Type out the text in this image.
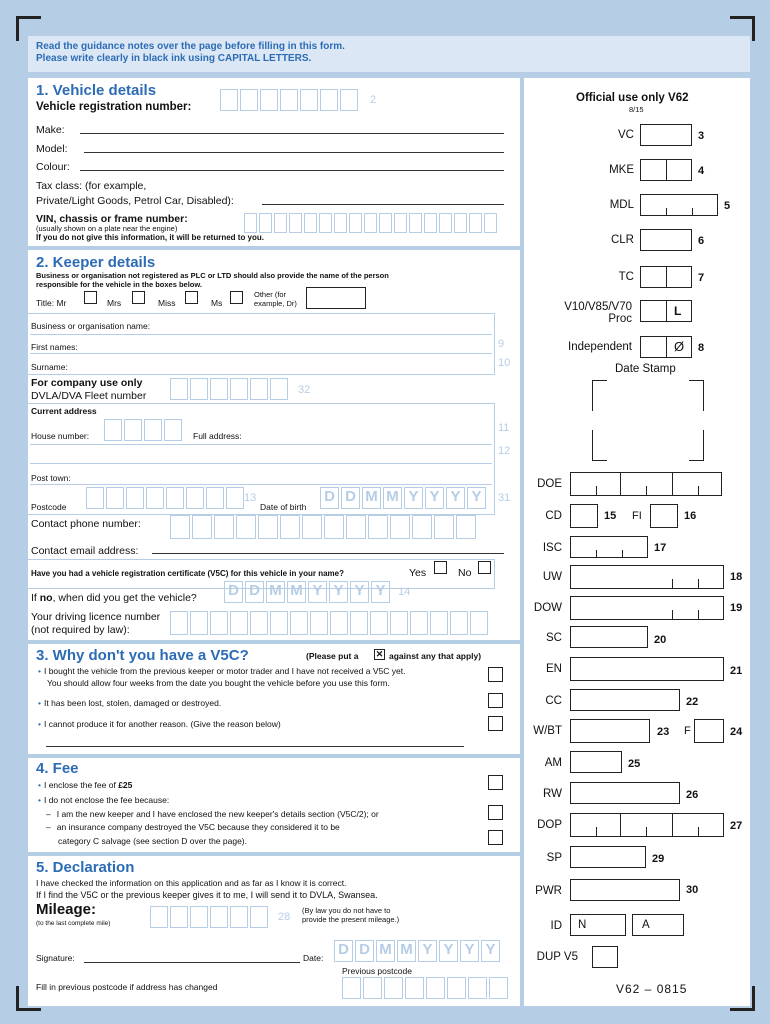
Read the guidance notes over the page before filling in this form.
Please write clearly in black ink using CAPITAL LETTERS.
1. Vehicle details
Vehicle registration number:
2
Make:
Model:
Colour:
Tax class: (for example,
Private/Light Goods, Petrol Car, Disabled):
VIN, chassis or frame number:
(usually shown on a plate near the engine)
If you do not give this information, it will be returned to you.
2. Keeper details
Business or organisation not registered as PLC or LTD should also provide the name of the person
responsible for the vehicle in the boxes below.
Title: Mr	Mrs	Miss	Ms
Other (for
example, Dr)
Business or organisation name:
First names:	9
Surname:	10
For company use only
DVLA/DVA Fleet number	32
Current address
House number:	Full address:
11
12
Post town:
Postcode
13
Date of birth
D D M M Y Y Y Y	31
Contact phone number:
Contact email address:
Have you had a vehicle registration certificate (V5C) for this vehicle in your name?	Yes	No
If no, when did you get the vehicle? D D M M Y Y Y Y	14
Your driving licence number
(not required by law):
3. Why don't you have a V5C?	(Please put a ✕ against any that apply)
• I bought the vehicle from the previous keeper or motor trader and I have not received a V5C yet.
You should allow four weeks from the date you bought the vehicle before you use this form.
• It has been lost, stolen, damaged or destroyed.
• I cannot produce it for another reason. (Give the reason below)
4. Fee
• I enclose the fee of £25
• I do not enclose the fee because:
– I am the new keeper and I have enclosed the new keeper's details section (V5C/2); or
– an insurance company destroyed the V5C because they considered it to be
category C salvage (see section D over the page).
5. Declaration
I have checked the information on this application and as far as I know it is correct.
If I find the V5C or the previous keeper gives it to me, I will send it to DVLA, Swansea.
Mileage:
(to the last complete mile)
28
(By law you do not have to
provide the present mileage.)
Signature:	Date: D D M M Y Y Y Y
Previous postcode
Fill in previous postcode if address has changed
Official use only V62
8/15
VC	3
MKE	4
MDL	5
CLR	6
TC	7
V10/V85/V70
Proc
L
Independent	Ø 8
Date Stamp
DOE
CD	15 FI	16
ISC	17
UW	18
DOW	19
SC	20
EN	21
CC	22
W/BT	23 F	24
AM	25
RW	26
DOP	27
SP	29
PWR	30
ID N	A
DUP V5
V62 – 0815
